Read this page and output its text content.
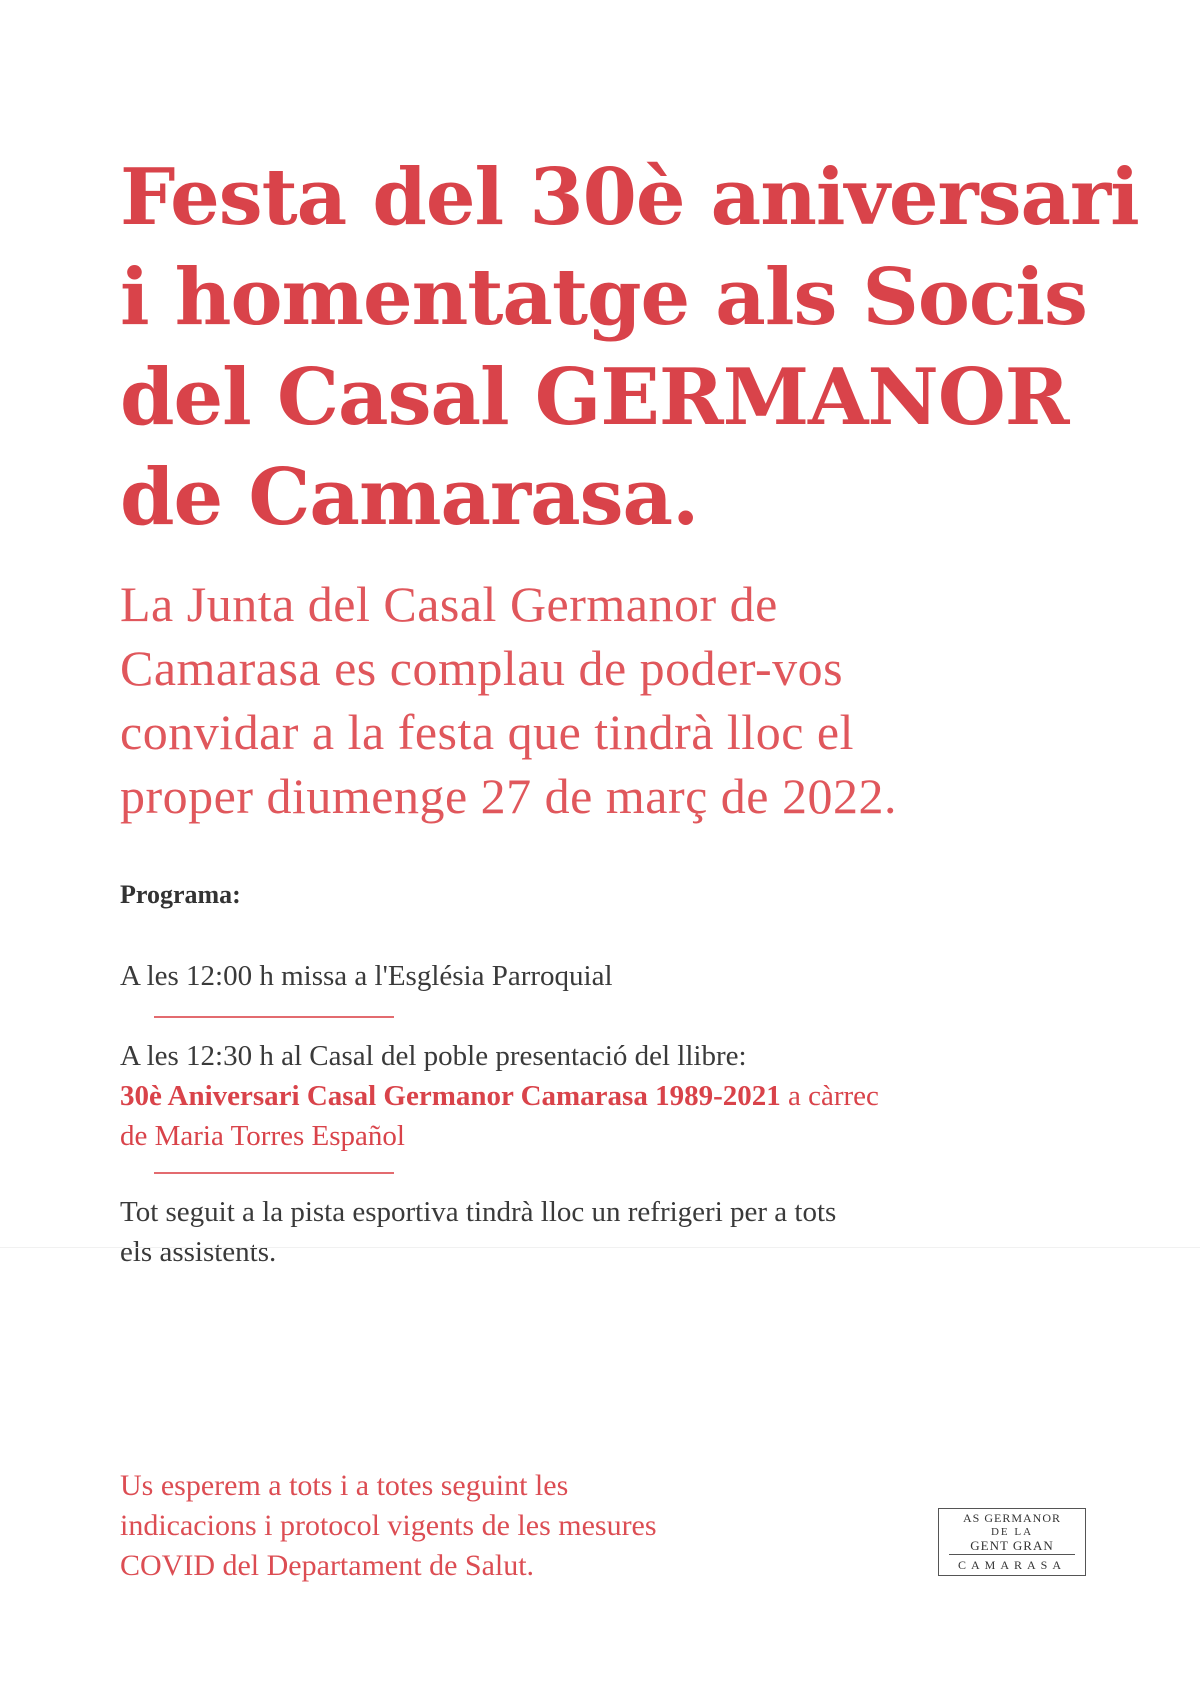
Festa del 30è aniversari
i homentatge als Socis
del Casal GERMANOR
de Camarasa.

La Junta del Casal Germanor de
Camarasa es complau de poder-vos
convidar a la festa que tindrà lloc el
proper diumenge 27 de març de 2022.

Programa:

A les 12:00 h missa a l'Església Parroquial

A les 12:30 h al Casal del poble presentació del llibre:
30è Aniversari Casal Germanor Camarasa 1989-2021 a càrrec
de Maria Torres Español

Tot seguit a la pista esportiva tindrà lloc un refrigeri per a tots
els assistents.

Us esperem a tots i a totes seguint les
indicacions i protocol vigents de les mesures
COVID del Departament de Salut.

AS GERMANOR
DE LA
GENT GRAN
CAMARASA
